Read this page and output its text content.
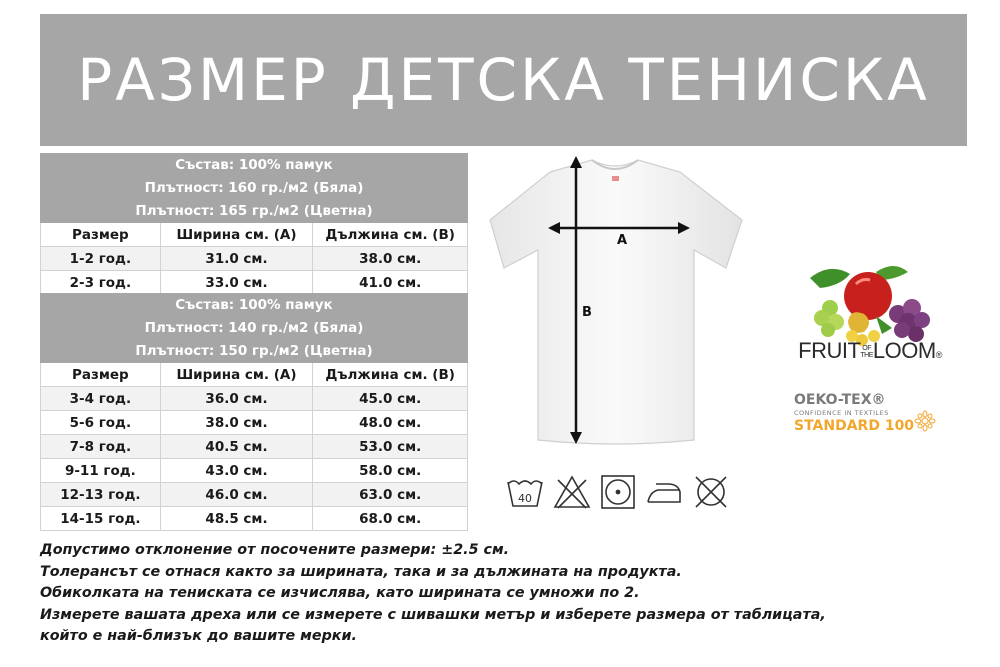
РАЗМЕР ДЕТСКА ТЕНИСКА
Състав: 100% памук		
Плътност: 160 гр./м2 (Бяла)		
Плътност: 165 гр./м2 (Цветна)		
Размер	Ширина см. (А)	Дължина см. (В)
1-2 год.	31.0 см.	38.0 см.
2-3 год.	33.0 см.	41.0 см.
Състав: 100% памук		
Плътност: 140 гр./м2 (Бяла)		
Плътност: 150 гр./м2 (Цветна)		
Размер	Ширина см. (А)	Дължина см. (В)
3-4 год.	36.0 см.	45.0 см.
5-6 год.	38.0 см.	48.0 см.
7-8 год.	40.5 см.	53.0 см.
9-11 год.	43.0 см.	58.0 см.
12-13 год.	46.0 см.	63.0 см.
14-15 год.	48.5 см.	68.0 см.
A
B
40
FRUIT OF
THELOOM®
OEKO-TEX®
CONFIDENCE IN TEXTILES
STANDARD 100

Допустимо отклонение от посочените размери: ±2.5 см.

Толерансът се отнася както за ширината, така и за дължината на продукта.

Обиколката на тениската се изчислява, като ширината се умножи по 2.

Измерете вашата дреха или се измерете с шивашки метър и изберете размера от таблицата,

който е най-близък до вашите мерки.
